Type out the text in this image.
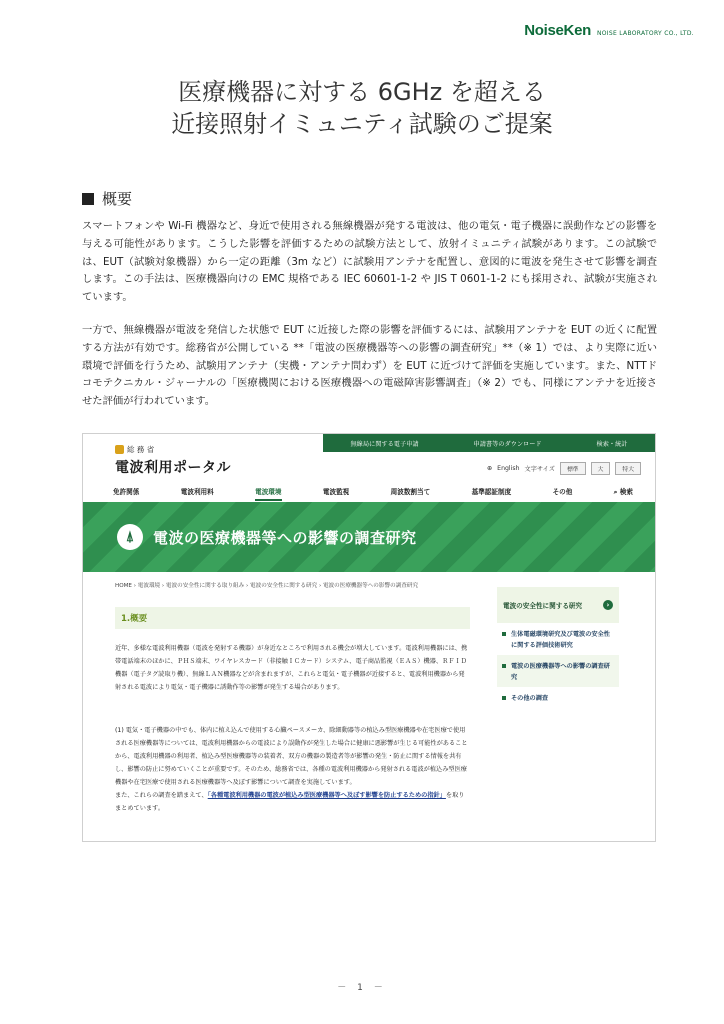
NoiseKen NOISE LABORATORY CO., LTD.
医療機器に対する 6GHz を超える
近接照射イミュニティ試験のご提案
概要
スマートフォンや Wi-Fi 機器など、身近で使用される無線機器が発する電波は、他の電気・電子機器に誤動作などの影響を与える可能性があります。こうした影響を評価するための試験方法として、放射イミュニティ試験があります。この試験では、EUT（試験対象機器）から一定の距離（3m など）に試験用アンテナを配置し、意図的に電波を発生させて影響を調査します。この手法は、医療機器向けの EMC 規格である IEC 60601-1-2 や JIS T 0601-1-2 にも採用され、試験が実施されています。
一方で、無線機器が電波を発信した状態で EUT に近接した際の影響を評価するには、試験用アンテナを EUT の近くに配置する方法が有効です。総務省が公開している **「電波の医療機器等への影響の調査研究」**（※ 1）では、より実際に近い環境で評価を行うため、試験用アンテナ（実機・アンテナ問わず）を EUT に近づけて評価を実施しています。また、NTTドコモテクニカル・ジャーナルの「医療機関における医療機器への電磁障害影響調査」（※ 2）でも、同様にアンテナを近接させた評価が行われています。
無線局に関する電子申請	申請書等のダウンロード	検索・統計
総 務 省
電波利用ポータル	⊕ English 文字サイズ	標準	大	特大
免許関係	電波利用料	電波環境	電波監視	周波数割当て	基準認証制度	その他	⌕ 検索
⍋	電波の医療機器等への影響の調査研究
HOME › 電波環境 › 電波の安全性に関する取り組み › 電波の安全性に関する研究 › 電波の医療機器等への影響の調査研究
1.概要
近年、多様な電波利用機器（電波を発射する機器）が身近なところで利用される機会が増大しています。電波利用機器には、携帯電話端末のほかに、ＰＨＳ端末、ワイヤレスカード（非接触ＩＣカード）システム、電子商品監視（ＥＡＳ）機器、ＲＦＩＤ機器（電子タグ読取り機）、無線ＬＡＮ機器などが含まれますが、これらと電気・電子機器が近接すると、電波利用機器から発射される電波により電気・電子機器に誘動作等の影響が発生する場合があります。
(1) 電気・電子機器の中でも、体内に植え込んで使用する心臓ペースメーカ、除細動器等の植込み型医療機器や在宅医療で使用される医療機器等については、電波利用機器からの電波により誤動作が発生した場合に健康に悪影響が生じる可能性があることから、電波利用機器の利用者、植込み型医療機器等の装着者、双方の機器の製造者等が影響の発生・防止に関する情報を共有し、影響の防止に努めていくことが重要です。そのため、総務省では、各種の電波利用機器から発射される電波が植込み型医療機器や在宅医療で使用される医療機器等へ及ぼす影響について調査を実施しています。
また、これらの調査を踏まえて、「各種電波利用機器の電波が植込み型医療機器等へ及ぼす影響を防止するための指針」を取りまとめています。
電波の安全性に関する研究	›
生体電磁環境研究及び電波の安全性に関する評価技術研究
電波の医療機器等への影響の調査研究
その他の調査
－ 1 －
